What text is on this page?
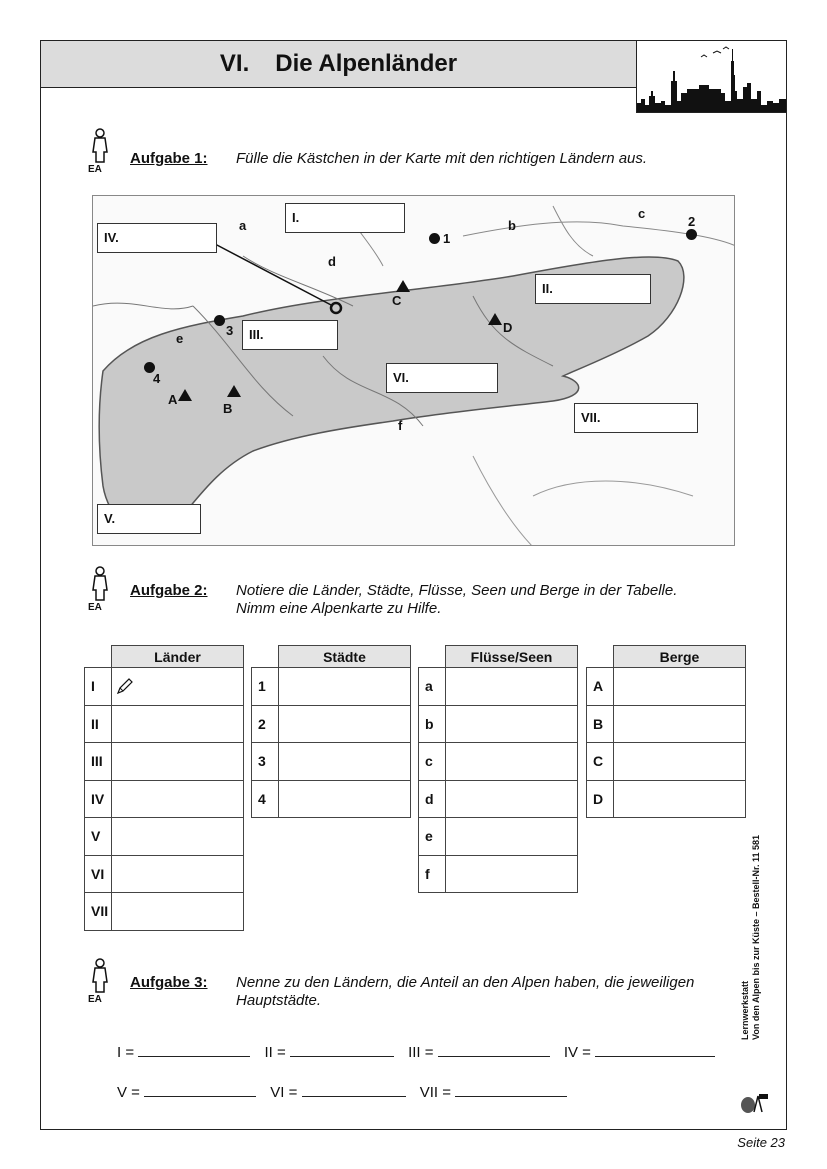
VI. Die Alpenländer
EA
Aufgabe 1: Fülle die Kästchen in der Karte mit den richtigen Ländern aus.
I.
II.
III.
IV.
V.
VI.
VII.
1
2
3
4
a	b
c
d
e
f
A
B
C
D
EA
Aufgabe 2: Notiere die Länder, Städte, Flüsse, Seen und Berge in der Tabelle.
Nimm eine Alpenkarte zu Hilfe.
	Länder
I	
II	
III	
IV	
V	
VI	
VII	
	Städte
1	
2	
3	
4	
	Flüsse/Seen
a	
b	
c	
d	
e	
f	
	Berge
A	
B	
C	
D	
EA
Aufgabe 3: Nenne zu den Ländern, die Anteil an den Alpen haben, die jeweiligen
Hauptstädte.
I =	II =	III =	IV =
V =	VI =	VII =
Lernwerkstatt Von den Alpen bis zur Küste – Bestell-Nr. 11 581
Seite 23
